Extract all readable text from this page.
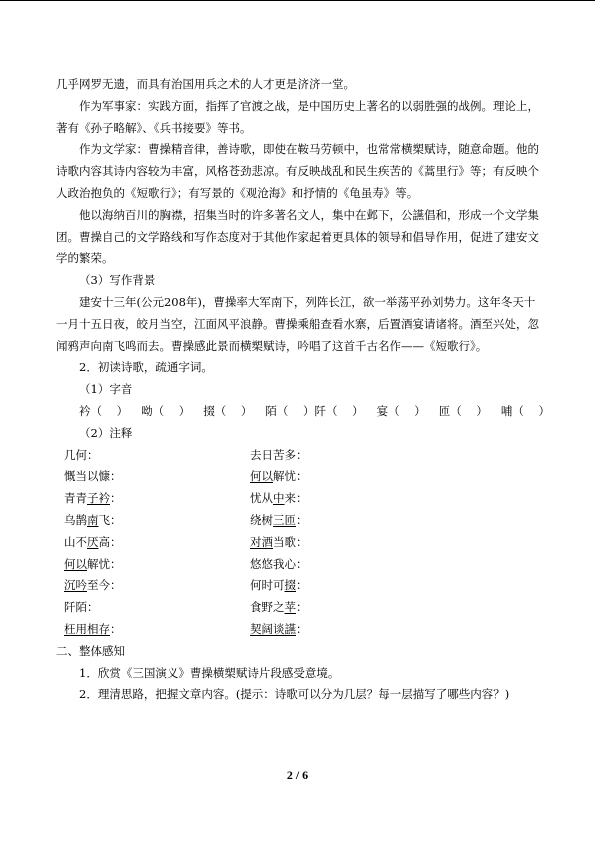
几乎网罗无遗，而具有治国用兵之术的人才更是济济一堂。

作为军事家：实践方面，指挥了官渡之战，是中国历史上著名的以弱胜强的战例。理论上，著有《孙子略解》、《兵书接要》等书。

作为文学家：曹操精音律，善诗歌，即使在鞍马劳顿中，也常常横槊赋诗，随意命题。他的诗歌内容其诗内容较为丰富，风格苍劲悲凉。有反映战乱和民生疾苦的《蒿里行》等；有反映个人政治抱负的《短歌行》；有写景的《观沧海》和抒情的《龟虽寿》等。

他以海纳百川的胸襟，招集当时的许多著名文人，集中在邺下，公讌倡和，形成一个文学集团。曹操自己的文学路线和写作态度对于其他作家起着更具体的领导和倡导作用，促进了建安文学的繁荣。

（3）写作背景

建安十三年(公元208年)，曹操率大军南下，列阵长江，欲一举荡平孙刘势力。这年冬天十一月十五日夜，皎月当空，江面风平浪静。曹操乘船查看水寨，后置酒宴请诸将。酒至兴处，忽闻鸦声向南飞鸣而去。曹操感此景而横槊赋诗，吟唱了这首千古名作——《短歌行》。

2．初读诗歌，疏通字词。

（1）字音

衿（    ） 呦（    ） 掇（    ） 陌（    ）阡（    ） 宴（    ） 匝（    ） 哺（    ）

（2）注释

几何：	去日苦多：
慨当以慷：	何以解忧：
青青子衿：	忧从中来：
乌鹊南飞：	绕树三匝：
山不厌高：	对酒当歌：
何以解忧：	悠悠我心：
沉吟至今：	何时可掇：
阡陌：	食野之苹：
枉用相存：	契阔谈讌：

二、整体感知

1．欣赏《三国演义》曹操横槊赋诗片段感受意境。

2．理清思路，把握文章内容。(提示：诗歌可以分为几层？每一层描写了哪些内容？)

2 / 6
